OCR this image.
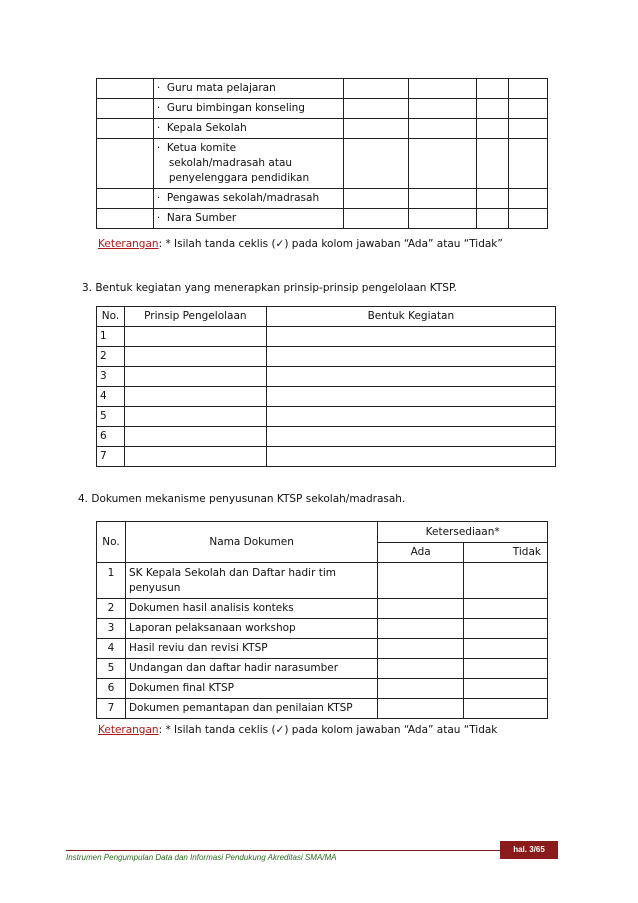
	· Guru mata pelajaran				
	· Guru bimbingan konseling				
	· Kepala Sekolah				

	· Ketua komite
sekolah/madrasah atau
penyelenggara pendidikan				

	· Pengawas sekolah/madrasah				
	· Nara Sumber				
Keterangan: * Isilah tanda ceklis (✓) pada kolom jawaban “Ada” atau “Tidak”
3. Bentuk kegiatan yang menerapkan prinsip-prinsip pengelolaan KTSP.
No.	Prinsip Pengelolaan	Bentuk Kegiatan
1		
2		
3		
4		
5		
6		
7		
4. Dokumen mekanisme penyusunan KTSP sekolah/madrasah.
No.	Nama Dokumen	Ketersediaan*	
		Ada	Tidak
1	SK Kepala Sekolah dan Daftar hadir tim
penyusun		

2	Dokumen hasil analisis konteks		
3	Laporan pelaksanaan workshop		
4	Hasil reviu dan revisi KTSP		
5	Undangan dan daftar hadir narasumber		
6	Dokumen final KTSP		
7	Dokumen pemantapan dan penilaian KTSP		
Keterangan: * Isilah tanda ceklis (✓) pada kolom jawaban “Ada” atau “Tidak
hal. 3/65
Instrumen Pengumpulan Data dan Informasi Pendukung Akreditasi SMA/MA
